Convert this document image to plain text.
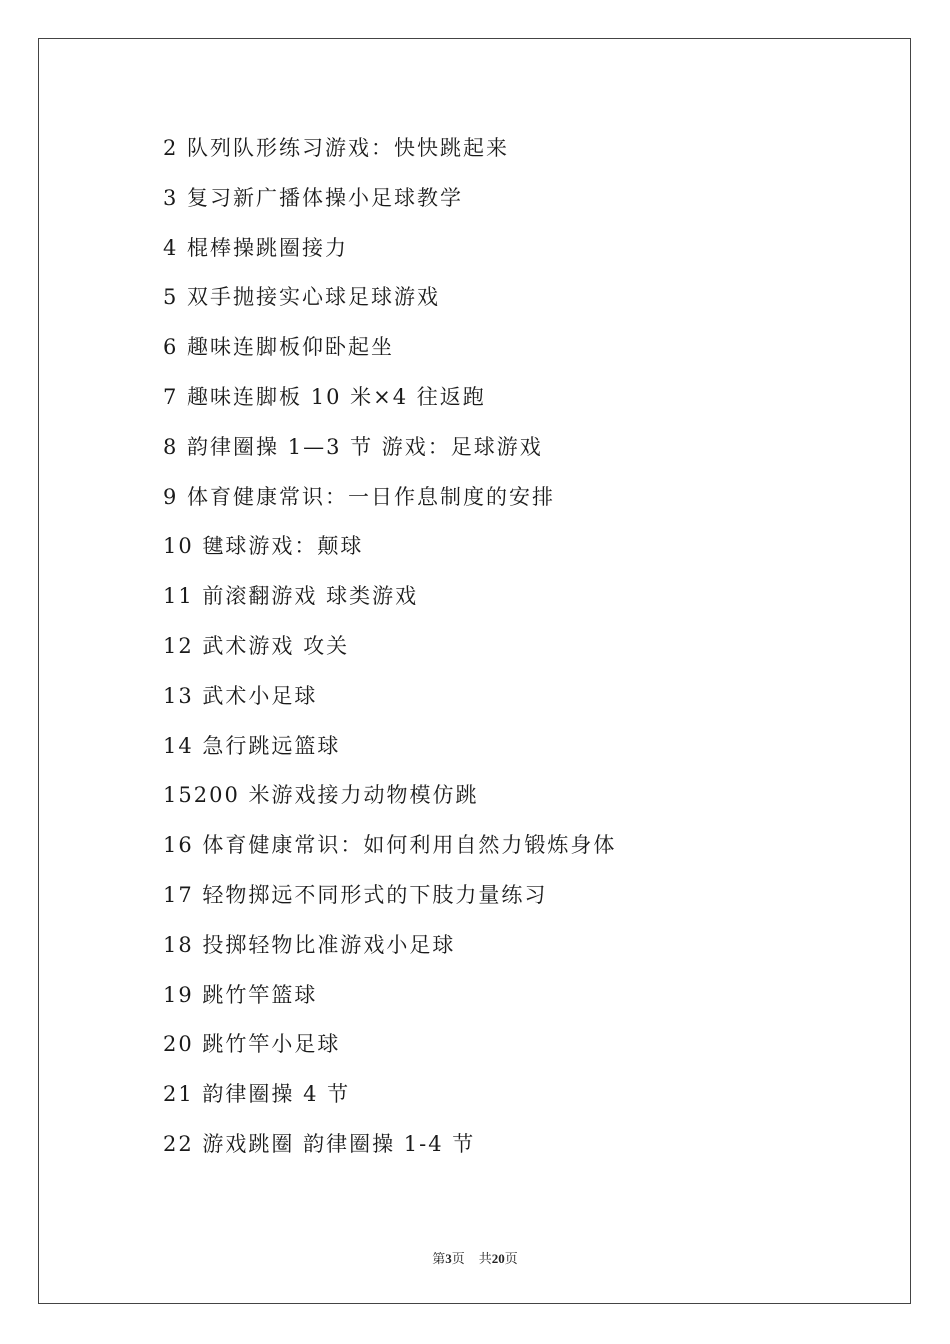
2 队列队形练习游戏：快快跳起来
3 复习新广播体操小足球教学
4 棍棒操跳圈接力
5 双手抛接实心球足球游戏
6 趣味连脚板仰卧起坐
7 趣味连脚板 10 米×4 往返跑
8 韵律圈操 1—3 节 游戏：足球游戏
9 体育健康常识：一日作息制度的安排
10 毽球游戏：颠球
11 前滚翻游戏 球类游戏
12 武术游戏 攻关
13 武术小足球
14 急行跳远篮球
15200 米游戏接力动物模仿跳
16 体育健康常识：如何利用自然力锻炼身体
17 轻物掷远不同形式的下肢力量练习
18 投掷轻物比准游戏小足球
19 跳竹竿篮球
20 跳竹竿小足球
21 韵律圈操 4 节
22 游戏跳圈 韵律圈操 1-4 节
第3页 共20页
